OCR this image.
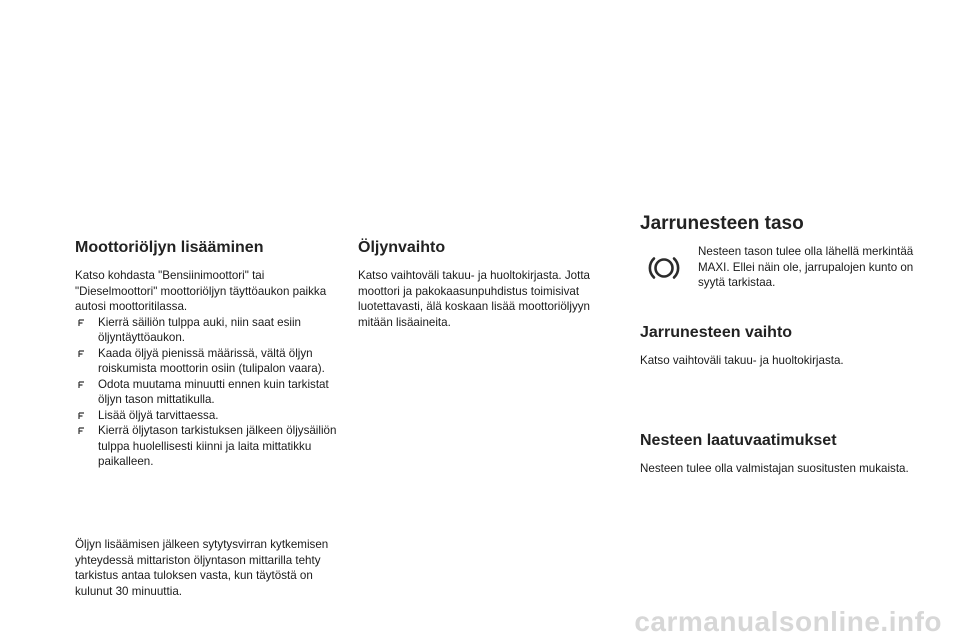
Moottoriöljyn lisääminen

Katso kohdasta "Bensiinimoottori" tai "Dieselmoottori" moottoriöljyn täyttöaukon paikka autosi moottoritilassa.

Kierrä säiliön tulppa auki, niin saat esiin öljyntäyttöaukon.
Kaada öljyä pienissä määrissä, vältä öljyn roiskumista moottorin osiin (tulipalon vaara).
Odota muutama minuutti ennen kuin tarkistat öljyn tason mittatikulla.
Lisää öljyä tarvittaessa.
Kierrä öljytason tarkistuksen jälkeen öljysäiliön tulppa huolellisesti kiinni ja laita mittatikku paikalleen.

Öljyn lisäämisen jälkeen sytytysvirran kytkemisen yhteydessä mittariston öljyntason mittarilla tehty tarkistus antaa tuloksen vasta, kun täytöstä on kulunut 30 minuuttia.

Öljynvaihto

Katso vaihtoväli takuu- ja huoltokirjasta. Jotta moottori ja pakokaasunpuhdistus toimisivat luotettavasti, älä koskaan lisää moottoriöljyyn mitään lisäaineita.

Jarrunesteen taso

Nesteen tason tulee olla lähellä merkintää MAXI. Ellei näin ole, jarrupalojen kunto on syytä tarkistaa.

Jarrunesteen vaihto

Katso vaihtoväli takuu- ja huoltokirjasta.

Nesteen laatuvaatimukset

Nesteen tulee olla valmistajan suositusten mukaista.

carmanualsonline.info
